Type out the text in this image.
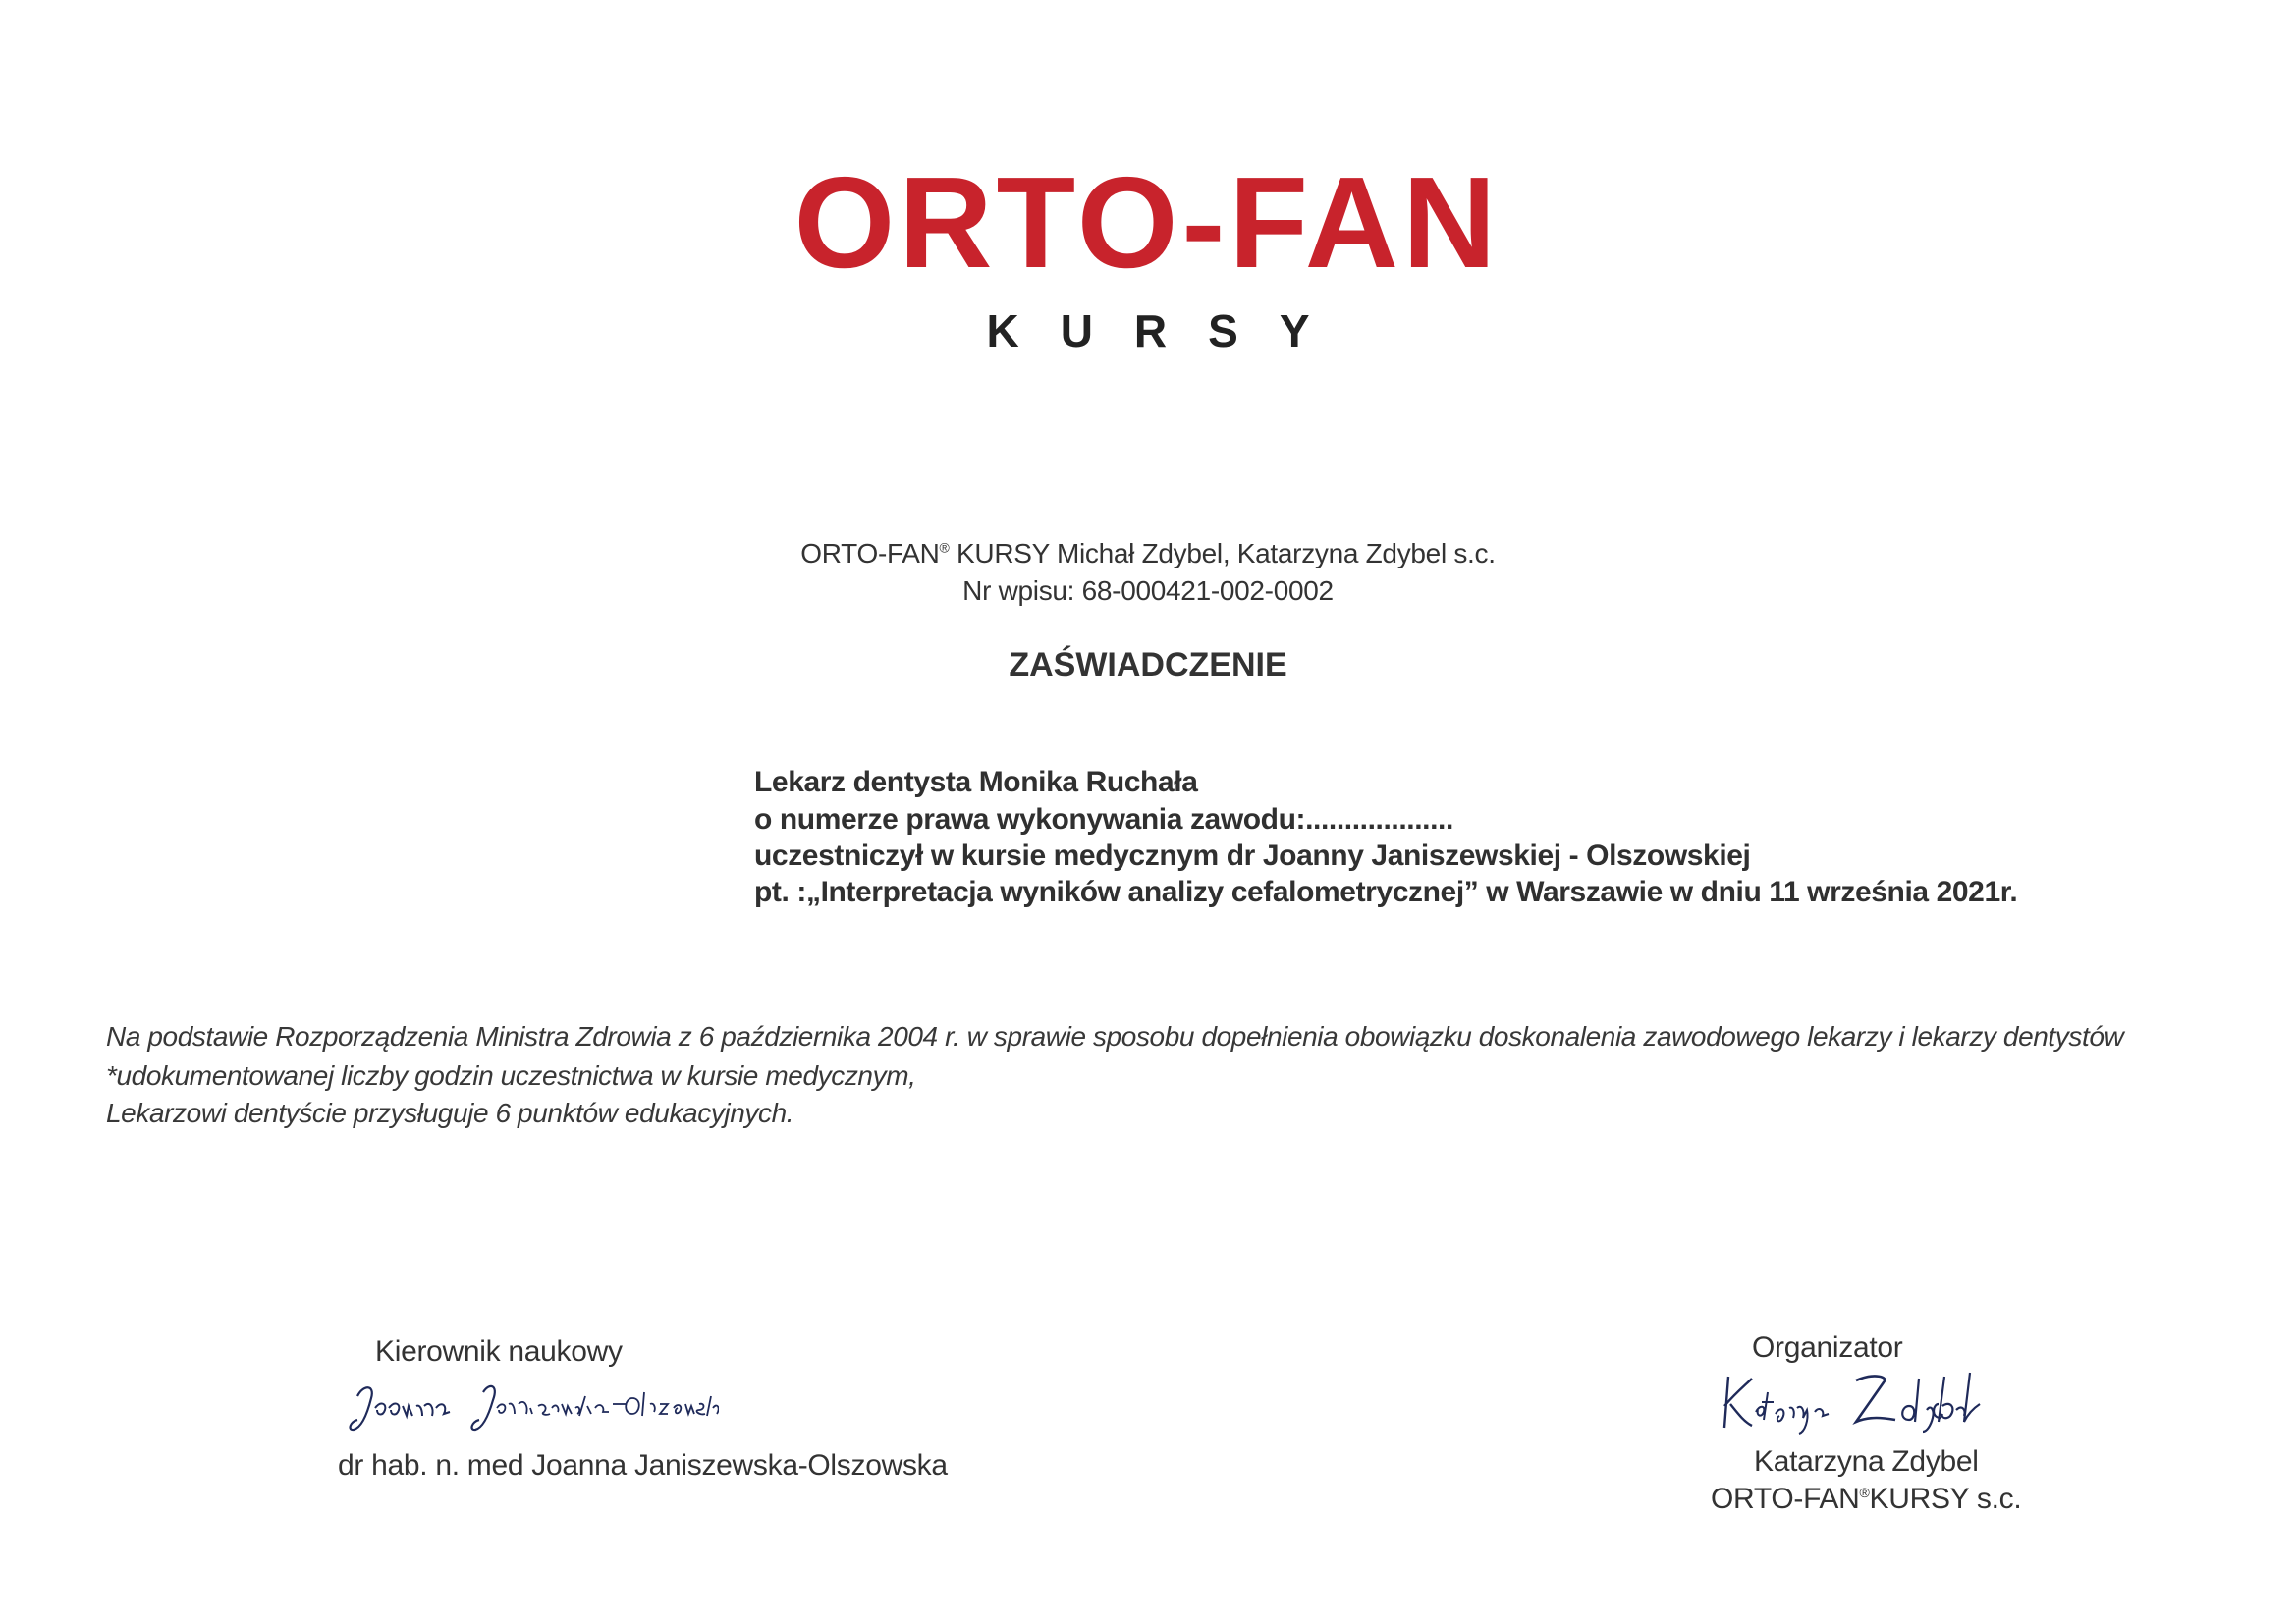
ORTO-FAN
KURSY
ORTO-FAN® KURSY Michał Zdybel, Katarzyna Zdybel s.c.
Nr wpisu: 68-000421-002-0002
ZAŚWIADCZENIE
Lekarz dentysta Monika Ruchała
o numerze prawa wykonywania zawodu:...................
uczestniczył w kursie medycznym dr Joanny Janiszewskiej - Olszowskiej
pt. :„Interpretacja wyników analizy cefalometrycznej” w Warszawie w dniu 11 września 2021r.
Na podstawie Rozporządzenia Ministra Zdrowia z 6 października 2004 r. w sprawie sposobu dopełnienia obowiązku doskonalenia zawodowego lekarzy i lekarzy dentystów
*udokumentowanej liczby godzin uczestnictwa w kursie medycznym,
Lekarzowi dentyście przysługuje 6 punktów edukacyjnych.
Kierownik naukowy
dr hab. n. med Joanna Janiszewska-Olszowska
Organizator
Katarzyna Zdybel
ORTO-FAN®KURSY s.c.
